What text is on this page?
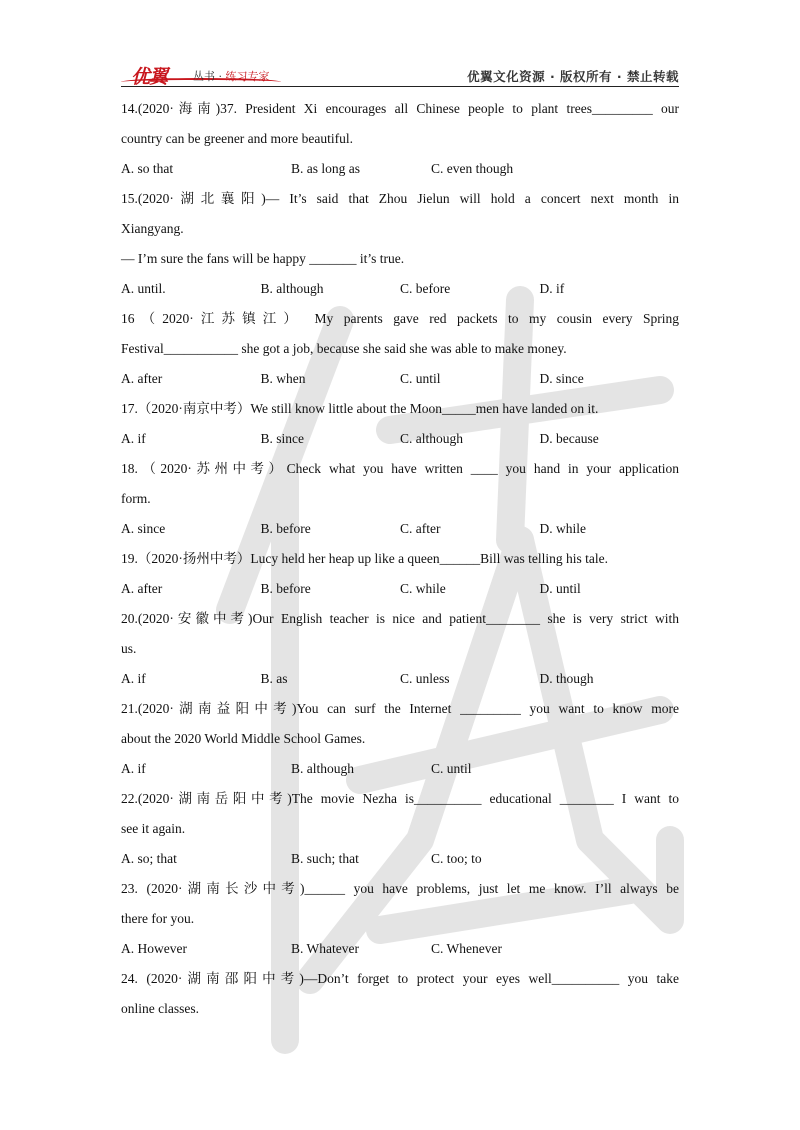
优翼 丛书 · 练习专家	优翼文化资源 · 版权所有 · 禁止转载
14.(2020·海南)37. President Xi encourages all Chinese people to plant trees_________ our
country can be greener and more beautiful.
A. so that	B. as long as	C. even though
15.(2020·湖北襄阳)— It’s said that Zhou Jielun will hold a concert next month in
Xiangyang.
— I’m sure the fans will be happy _______ it’s true.
A. until.	B. although	C. before	D. if
16（2020·江苏镇江） My parents gave red packets to my cousin every Spring
Festival___________ she got a job, because she said she was able to make money.
A. after	B. when	C. until	D. since
17.（2020·南京中考）We still know little about the Moon_____men have landed on it.
A. if	B. since	C. although	D. because
18.（2020·苏州中考）Check what you have written ____ you hand in your application
form.
A. since	B. before	C. after	D. while
19.（2020·扬州中考）Lucy held her heap up like a queen______Bill was telling his tale.
A. after	B. before	C. while	D. until
20.(2020·安徽中考)Our English teacher is nice and patient________ she is very strict with
us.
A. if	B. as	C. unless	D. though
21.(2020·湖南益阳中考)You can surf the Internet _________ you want to know more
about the 2020 World Middle School Games.
A. if	B. although	C. until
22.(2020·湖南岳阳中考)The movie Nezha is__________ educational ________ I want to
see it again.
A. so; that	B. such; that	C. too; to
23. (2020·湖南长沙中考)______ you have problems, just let me know. I’ll always be
there for you.
A. However	B. Whatever	C. Whenever
24. (2020·湖南邵阳中考)—Don’t forget to protect your eyes well__________ you take
online classes.
